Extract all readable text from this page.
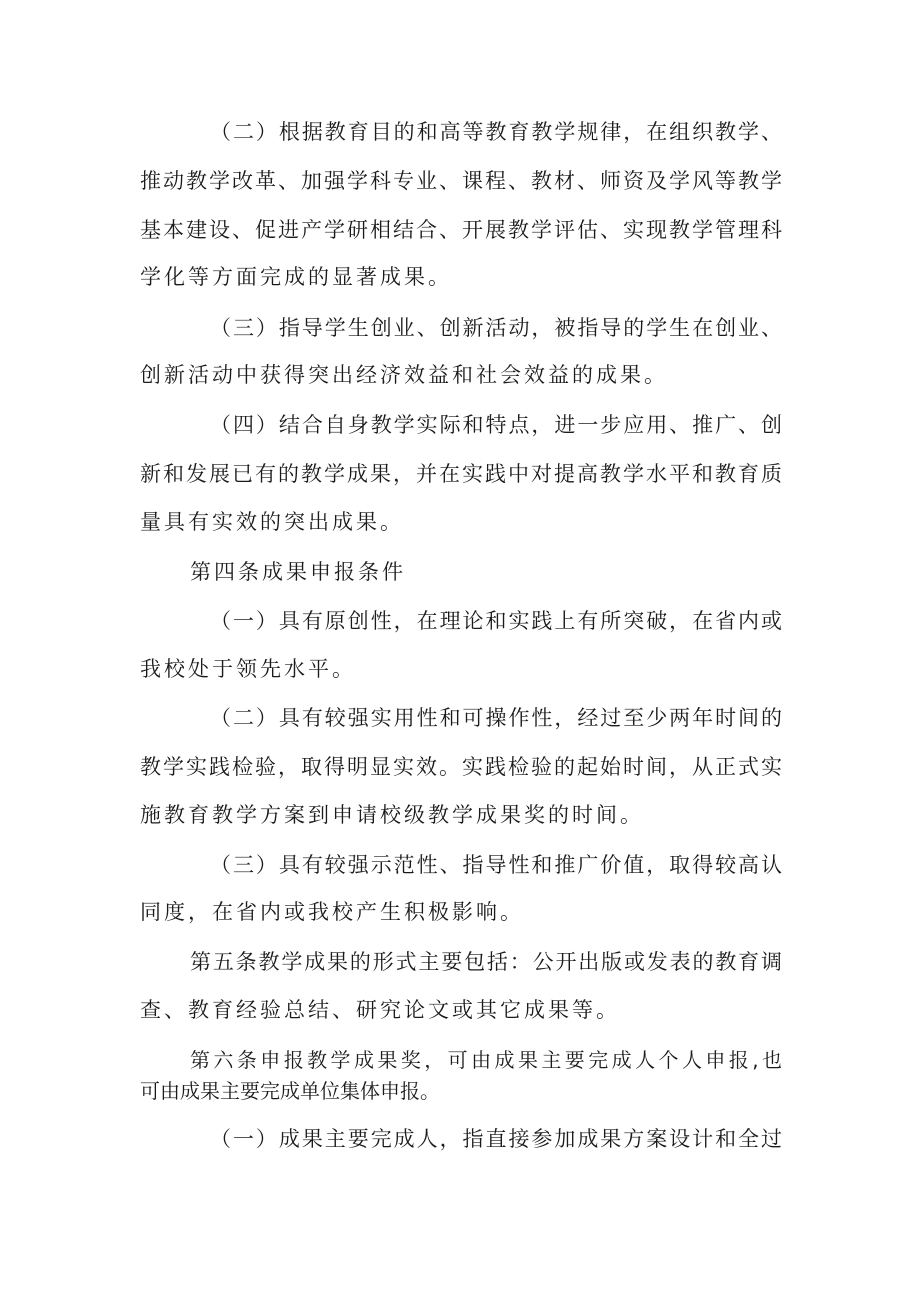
（二）根据教育目的和高等教育教学规律，在组织教学、
推动教学改革、加强学科专业、课程、教材、师资及学风等教学
基本建设、促进产学研相结合、开展教学评估、实现教学管理科
学化等方面完成的显著成果。
（三）指导学生创业、创新活动，被指导的学生在创业、
创新活动中获得突出经济效益和社会效益的成果。
（四）结合自身教学实际和特点，进一步应用、推广、创
新和发展已有的教学成果，并在实践中对提高教学水平和教育质
量具有实效的突出成果。
第四条成果申报条件
（一）具有原创性，在理论和实践上有所突破，在省内或
我校处于领先水平。
（二）具有较强实用性和可操作性，经过至少两年时间的
教学实践检验，取得明显实效。实践检验的起始时间，从正式实
施教育教学方案到申请校级教学成果奖的时间。
（三）具有较强示范性、指导性和推广价值，取得较高认
同度，在省内或我校产生积极影响。
第五条教学成果的形式主要包括：公开出版或发表的教育调
查、教育经验总结、研究论文或其它成果等。
第六条申报教学成果奖，可由成果主要完成人个人申报,也
可由成果主要完成单位集体申报。
（一）成果主要完成人，指直接参加成果方案设计和全过
